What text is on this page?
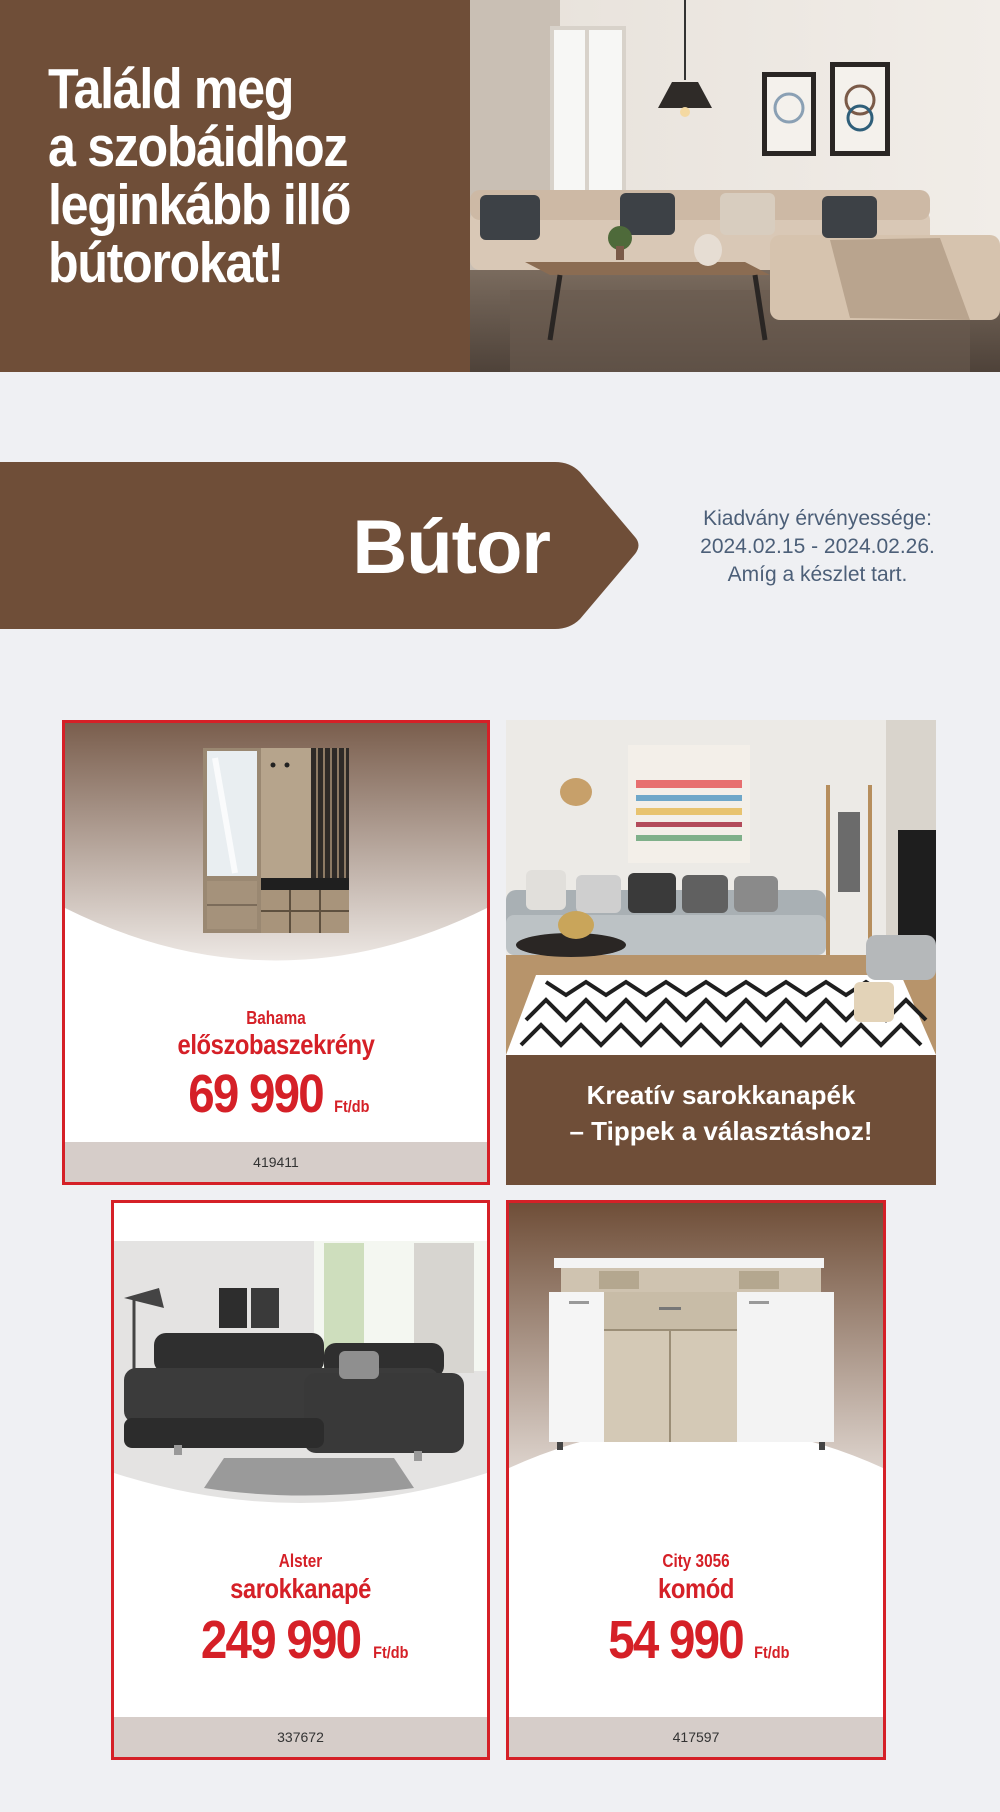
Találd meg
a szobáidhoz
leginkább illő
bútorokat!
Bútor	Kiadvány érvényessége:
2024.02.15 - 2024.02.26.
Amíg a készlet tart.
Bahama
előszobaszekrény
69 990 Ft/db
419411
Kreatív sarokkanapék
– Tippek a választáshoz!
Alster
sarokkanapé
249 990 Ft/db
337672
City 3056
komód
54 990 Ft/db
417597
